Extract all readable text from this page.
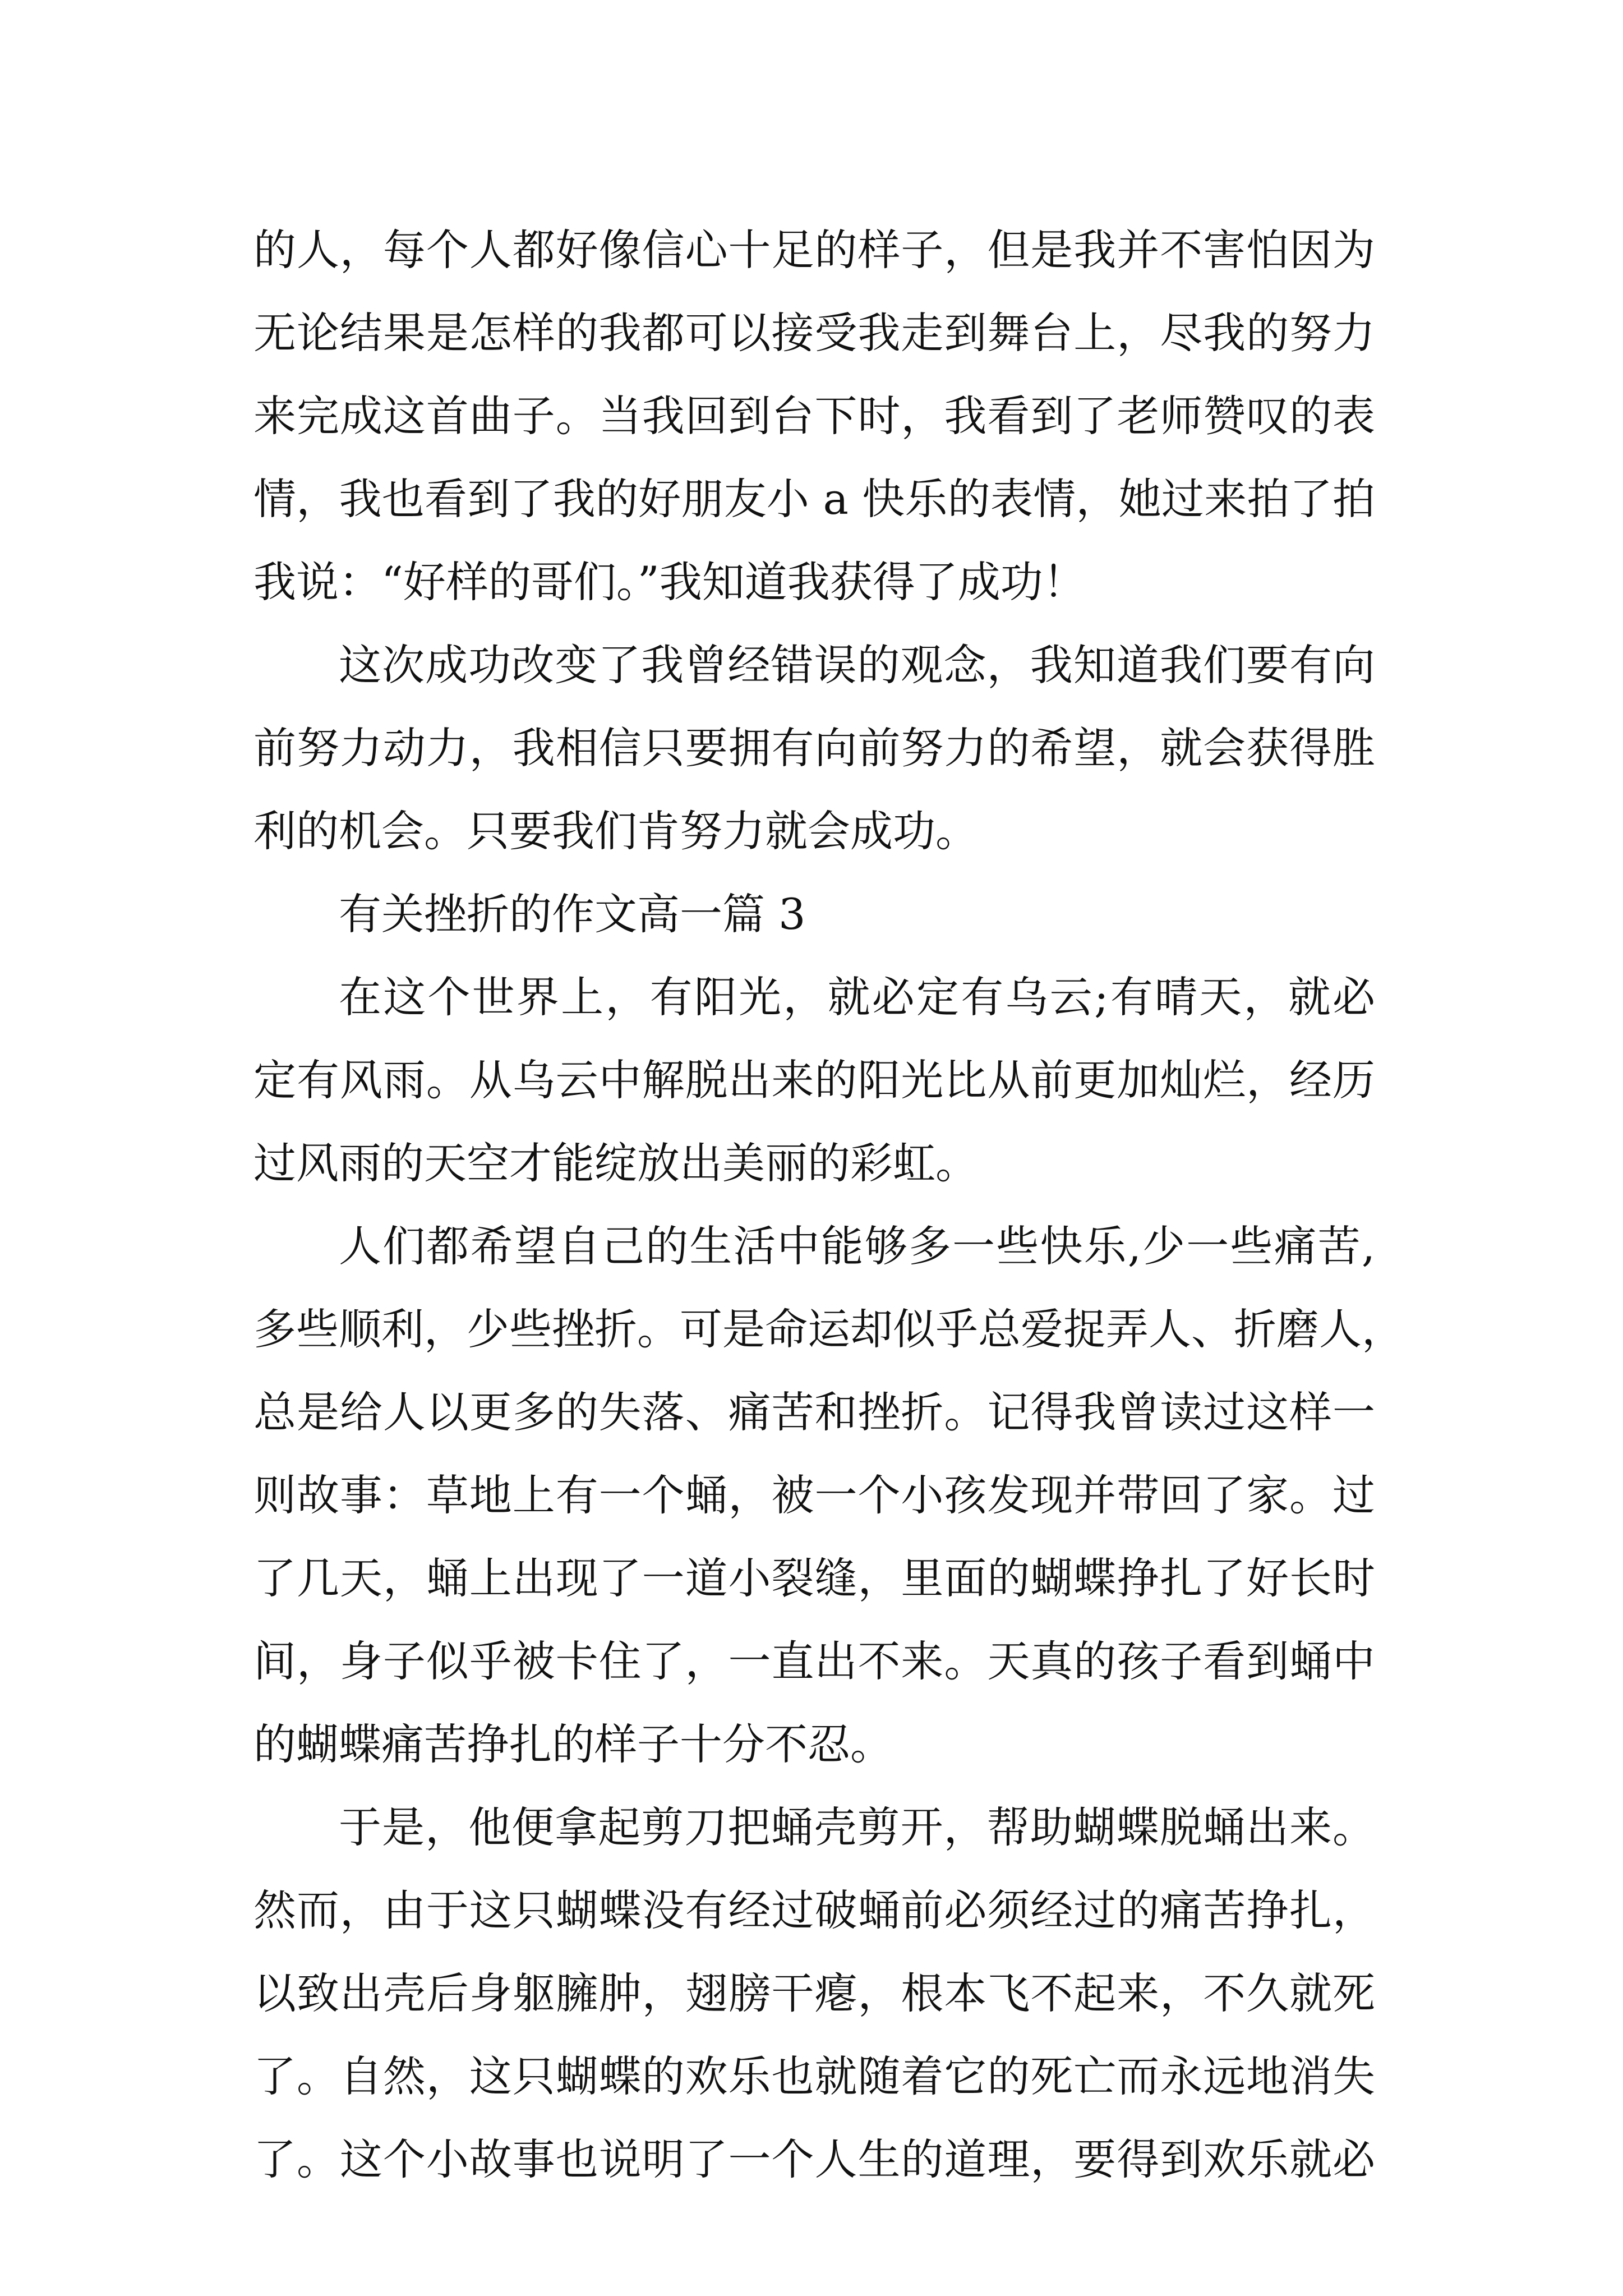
的人，每个人都好像信心十足的样子，但是我并不害怕因为
无论结果是怎样的我都可以接受我走到舞台上，尽我的努力
来完成这首曲子。当我回到台下时，我看到了老师赞叹的表
情，我也看到了我的好朋友小 a 快乐的表情，她过来拍了拍
我说：“好样的哥们。”我知道我获得了成功！
这次成功改变了我曾经错误的观念，我知道我们要有向
前努力动力，我相信只要拥有向前努力的希望，就会获得胜
利的机会。只要我们肯努力就会成功。
有关挫折的作文高一篇 3
在这个世界上，有阳光，就必定有乌云;有晴天，就必
定有风雨。从乌云中解脱出来的阳光比从前更加灿烂，经历
过风雨的天空才能绽放出美丽的彩虹。
人们都希望自己的生活中能够多一些快乐,少一些痛苦,
多些顺利，少些挫折。可是命运却似乎总爱捉弄人、折磨人，
总是给人以更多的失落、痛苦和挫折。记得我曾读过这样一
则故事：草地上有一个蛹，被一个小孩发现并带回了家。过
了几天，蛹上出现了一道小裂缝，里面的蝴蝶挣扎了好长时
间，身子似乎被卡住了，一直出不来。天真的孩子看到蛹中
的蝴蝶痛苦挣扎的样子十分不忍。
于是，他便拿起剪刀把蛹壳剪开，帮助蝴蝶脱蛹出来。
然而，由于这只蝴蝶没有经过破蛹前必须经过的痛苦挣扎，
以致出壳后身躯臃肿，翅膀干瘪，根本飞不起来，不久就死
了。自然，这只蝴蝶的欢乐也就随着它的死亡而永远地消失
了。这个小故事也说明了一个人生的道理，要得到欢乐就必
